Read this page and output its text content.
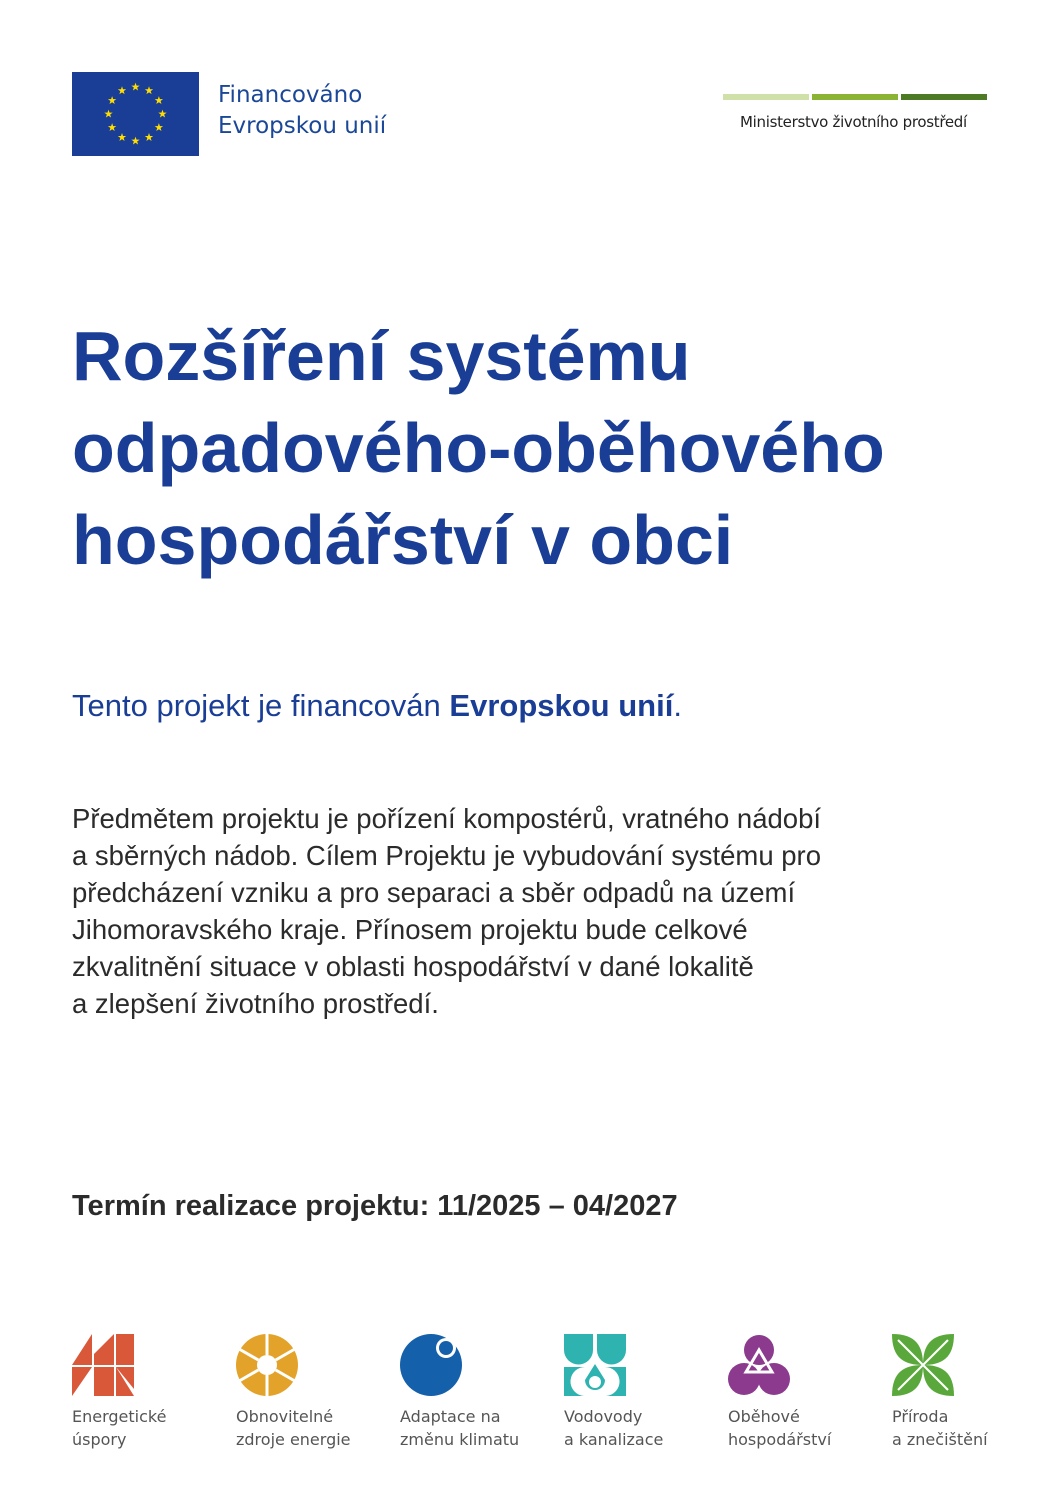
Financováno
Evropskou unií	Ministerstvo životního prostředí
Rozšíření systému
odpadového-oběhového
hospodářství v obci
Tento projekt je financován Evropskou unií.
Předmětem projektu je pořízení kompostérů, vratného nádobí
a sběrných nádob. Cílem Projektu je vybudování systému pro
předcházení vzniku a pro separaci a sběr odpadů na území
Jihomoravského kraje. Přínosem projektu bude celkové
zkvalitnění situace v oblasti hospodářství v dané lokalitě
a zlepšení životního prostředí.
Termín realizace projektu: 11/2025 – 04/2027
Energetické
úspory
Obnovitelné
zdroje energie
Adaptace na
změnu klimatu
Vodovody
a kanalizace
Oběhové
hospodářství
Příroda
a znečištění
